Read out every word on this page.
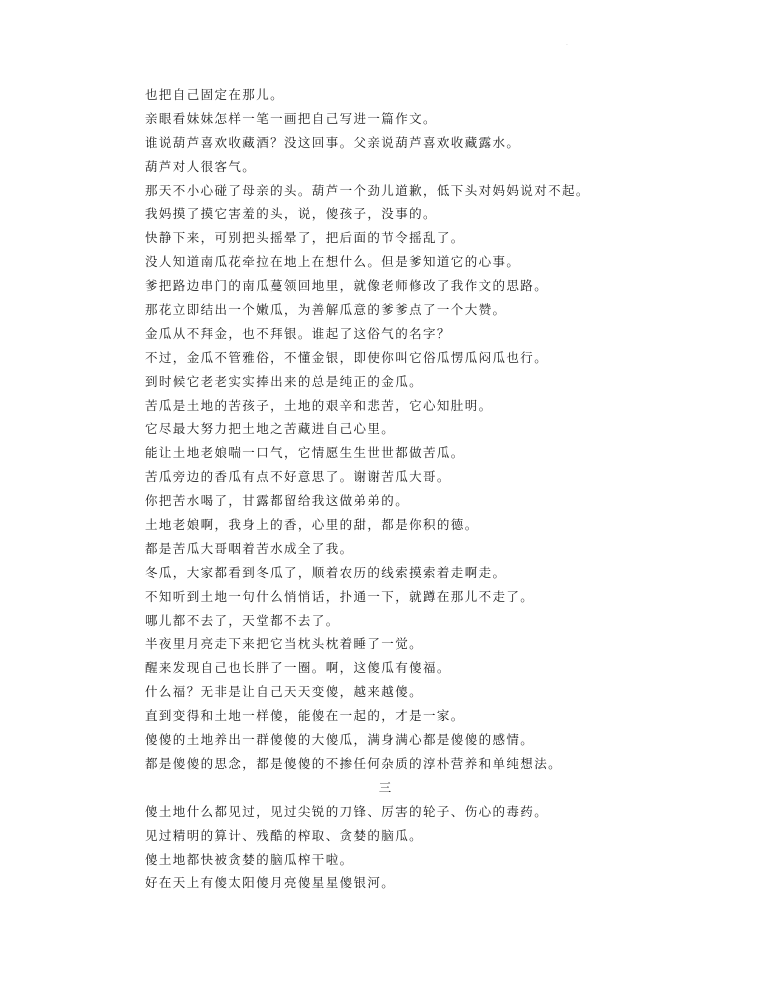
·
也把自己固定在那儿。
亲眼看妹妹怎样一笔一画把自己写进一篇作文。
谁说葫芦喜欢收藏酒？没这回事。父亲说葫芦喜欢收藏露水。
葫芦对人很客气。
那天不小心碰了母亲的头。葫芦一个劲儿道歉，低下头对妈妈说对不起。
我妈摸了摸它害羞的头，说，傻孩子，没事的。
快静下来，可别把头摇晕了，把后面的节令摇乱了。
没人知道南瓜花牵拉在地上在想什么。但是爹知道它的心事。
爹把路边串门的南瓜蔓领回地里，就像老师修改了我作文的思路。
那花立即结出一个嫩瓜，为善解瓜意的爹爹点了一个大赞。
金瓜从不拜金，也不拜银。谁起了这俗气的名字？
不过，金瓜不管雅俗，不懂金银，即使你叫它俗瓜愣瓜闷瓜也行。
到时候它老老实实捧出来的总是纯正的金瓜。
苦瓜是土地的苦孩子，土地的艰辛和悲苦，它心知肚明。
它尽最大努力把土地之苦藏进自己心里。
能让土地老娘喘一口气，它情愿生生世世都做苦瓜。
苦瓜旁边的香瓜有点不好意思了。谢谢苦瓜大哥。
你把苦水喝了，甘露都留给我这做弟弟的。
土地老娘啊，我身上的香，心里的甜，都是你积的德。
都是苦瓜大哥咽着苦水成全了我。
冬瓜，大家都看到冬瓜了，顺着农历的线索摸索着走啊走。
不知听到土地一句什么悄悄话，扑通一下，就蹲在那儿不走了。
哪儿都不去了，天堂都不去了。
半夜里月亮走下来把它当枕头枕着睡了一觉。
醒来发现自己也长胖了一圈。啊，这傻瓜有傻福。
什么福？无非是让自己天天变傻，越来越傻。
直到变得和土地一样傻，能傻在一起的，才是一家。
傻傻的土地养出一群傻傻的大傻瓜，满身满心都是傻傻的感情。
都是傻傻的思念，都是傻傻的不掺任何杂质的淳朴营养和单纯想法。
三
傻土地什么都见过，见过尖锐的刀锋、厉害的轮子、伤心的毒药。
见过精明的算计、残酷的榨取、贪婪的脑瓜。
傻土地都快被贪婪的脑瓜榨干啦。
好在天上有傻太阳傻月亮傻星星傻银河。
